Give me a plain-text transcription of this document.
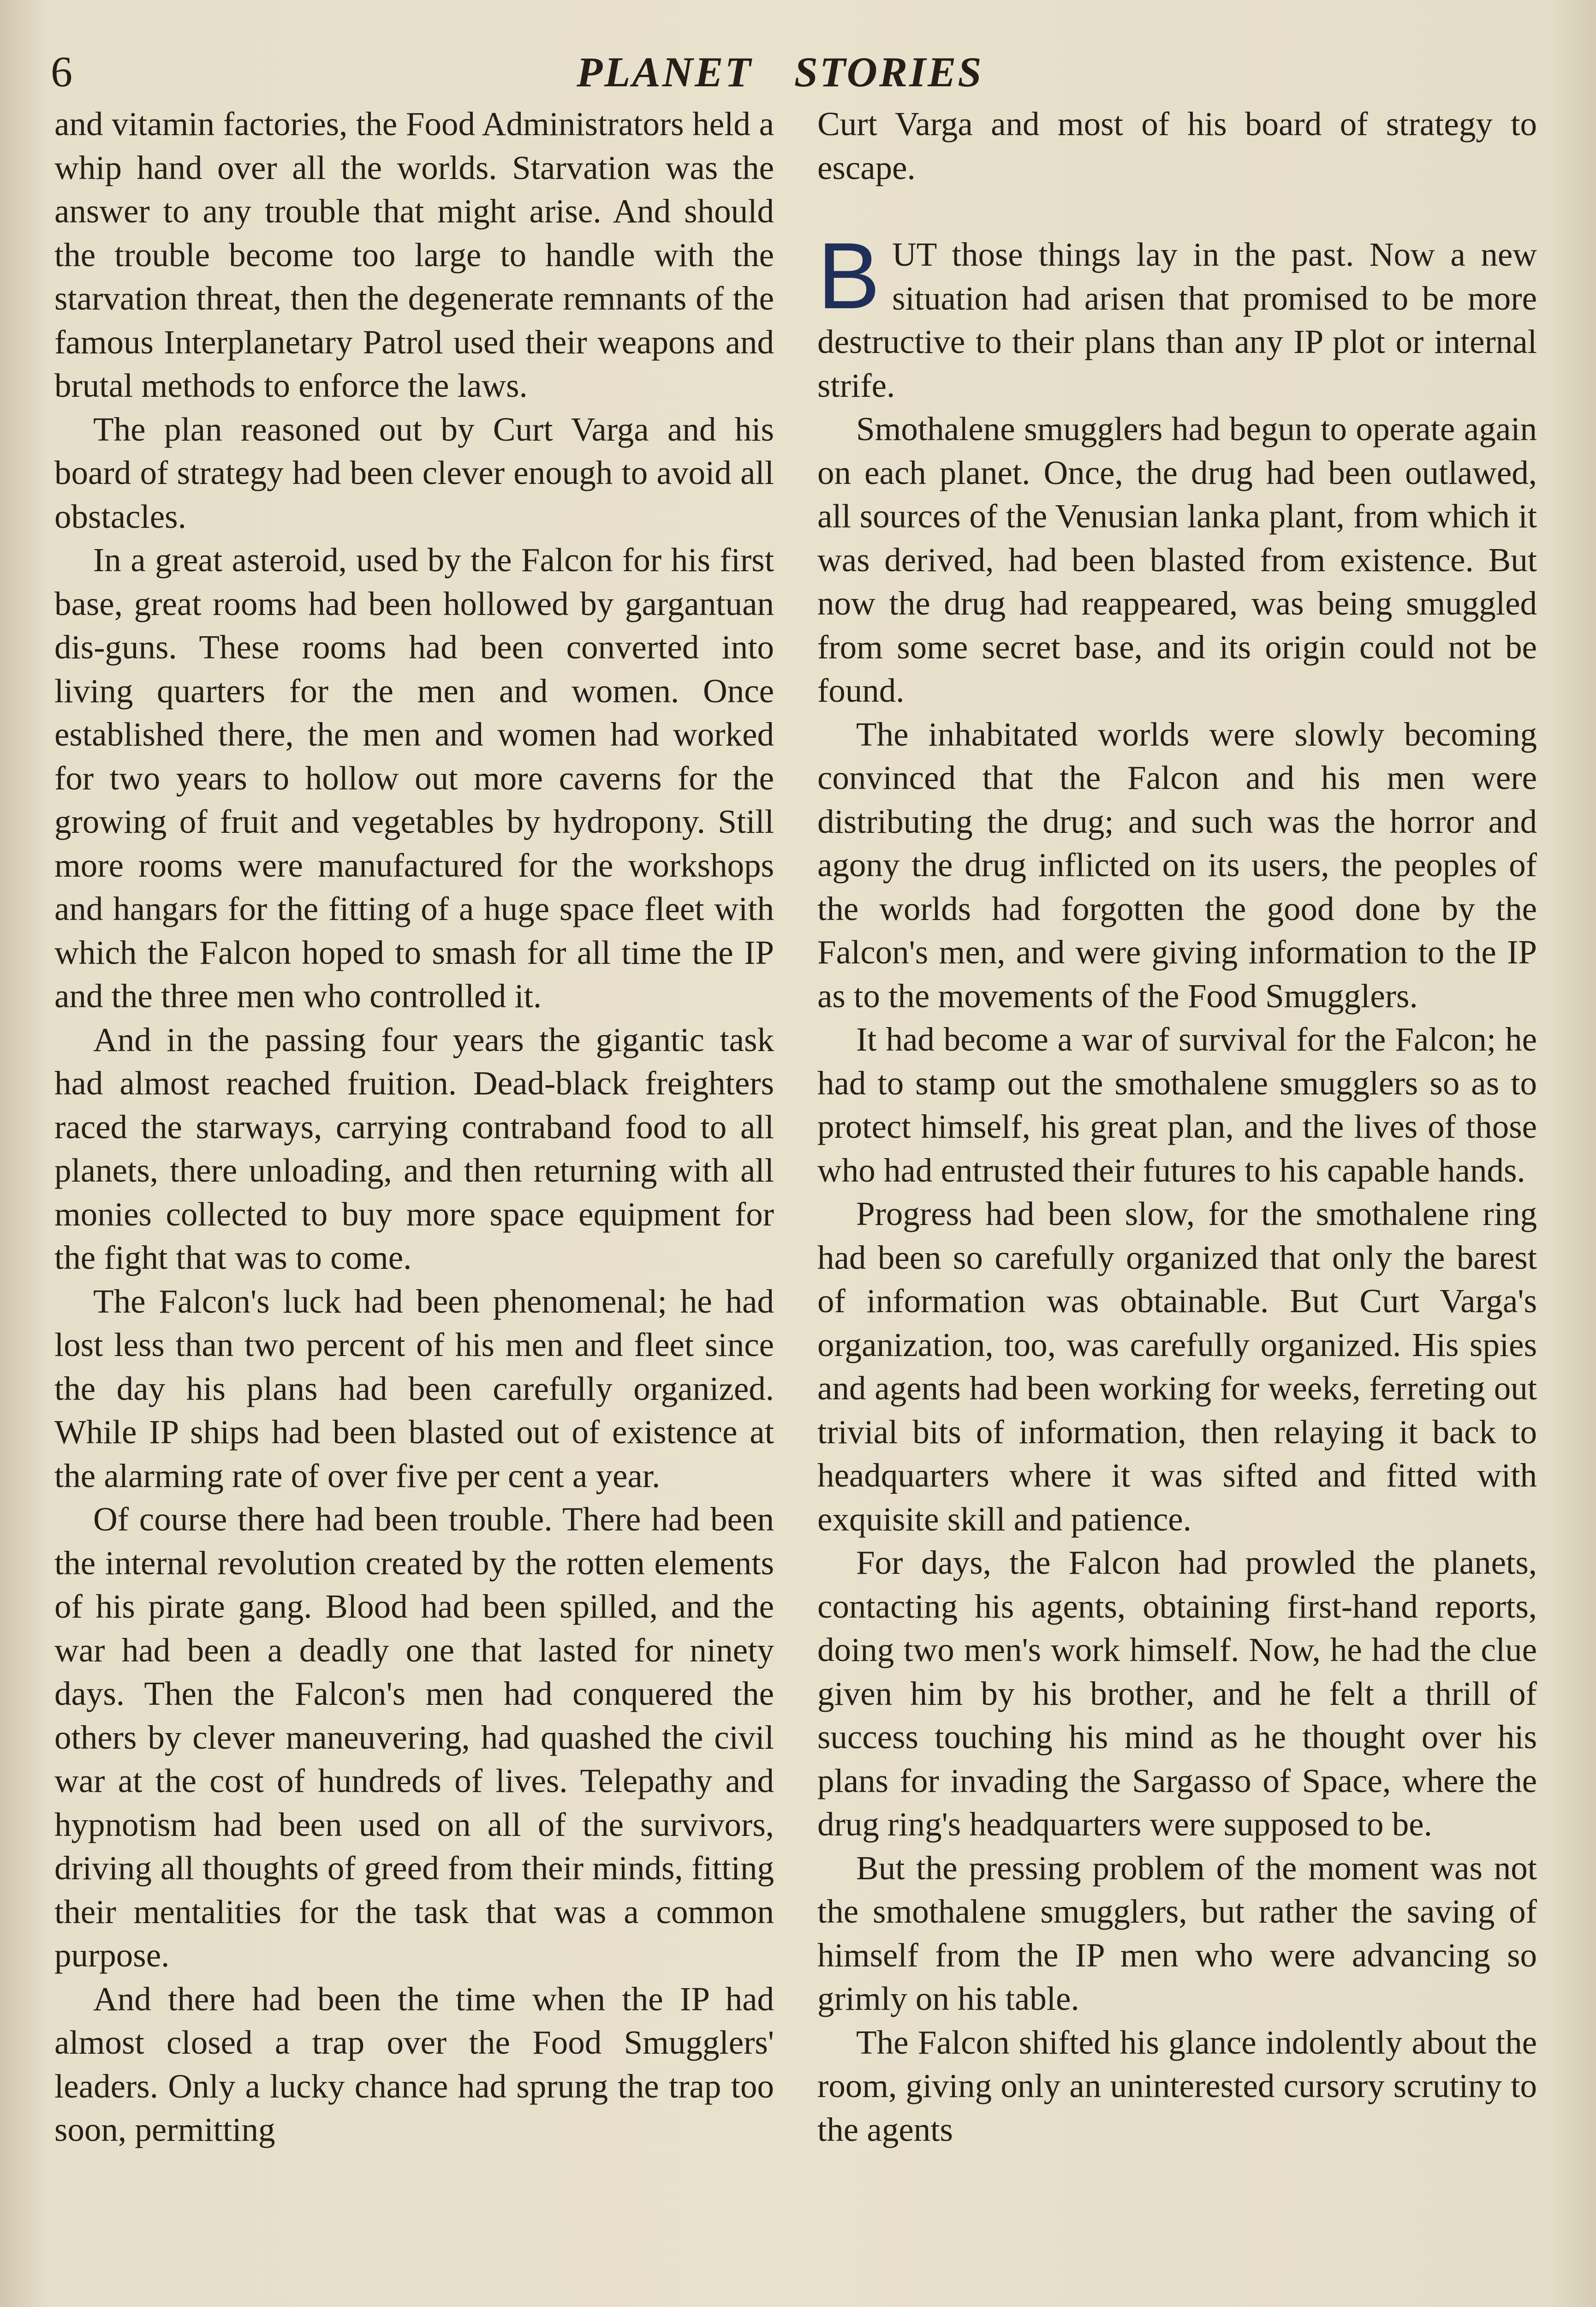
6	PLANET STORIES

and vitamin factories, the Food Administrators held a whip hand over all the worlds. Starvation was the answer to any trouble that might arise. And should the trouble become too large to handle with the starvation threat, then the degenerate remnants of the famous Interplanetary Patrol used their weapons and brutal methods to enforce the laws.

The plan reasoned out by Curt Varga and his board of strategy had been clever enough to avoid all obstacles.

In a great asteroid, used by the Falcon for his first base, great rooms had been hollowed by gargantuan dis-guns. These rooms had been converted into living quarters for the men and women. Once established there, the men and women had worked for two years to hollow out more caverns for the growing of fruit and vegetables by hydropony. Still more rooms were manufactured for the workshops and hangars for the fitting of a huge space fleet with which the Falcon hoped to smash for all time the IP and the three men who controlled it.

And in the passing four years the gigantic task had almost reached fruition. Dead-black freighters raced the starways, carrying contraband food to all planets, there unloading, and then returning with all monies collected to buy more space equipment for the fight that was to come.

The Falcon's luck had been phenomenal; he had lost less than two percent of his men and fleet since the day his plans had been carefully organized. While IP ships had been blasted out of existence at the alarming rate of over five per cent a year.

Of course there had been trouble. There had been the internal revolution created by the rotten elements of his pirate gang. Blood had been spilled, and the war had been a deadly one that lasted for ninety days. Then the Falcon's men had conquered the others by clever maneuvering, had quashed the civil war at the cost of hundreds of lives. Telepathy and hypnotism had been used on all of the survivors, driving all thoughts of greed from their minds, fitting their mentalities for the task that was a common purpose.

And there had been the time when the IP had almost closed a trap over the Food Smugglers' leaders. Only a lucky chance had sprung the trap too soon, permitting

Curt Varga and most of his board of strategy to escape.

BUT those things lay in the past. Now a new situation had arisen that promised to be more destructive to their plans than any IP plot or internal strife.

Smothalene smugglers had begun to operate again on each planet. Once, the drug had been outlawed, all sources of the Venusian lanka plant, from which it was derived, had been blasted from existence. But now the drug had reappeared, was being smuggled from some secret base, and its origin could not be found.

The inhabitated worlds were slowly becoming convinced that the Falcon and his men were distributing the drug; and such was the horror and agony the drug inflicted on its users, the peoples of the worlds had forgotten the good done by the Falcon's men, and were giving information to the IP as to the movements of the Food Smugglers.

It had become a war of survival for the Falcon; he had to stamp out the smothalene smugglers so as to protect himself, his great plan, and the lives of those who had entrusted their futures to his capable hands.

Progress had been slow, for the smothalene ring had been so carefully organized that only the barest of information was obtainable. But Curt Varga's organization, too, was carefully organized. His spies and agents had been working for weeks, ferreting out trivial bits of information, then relaying it back to headquarters where it was sifted and fitted with exquisite skill and patience.

For days, the Falcon had prowled the planets, contacting his agents, obtaining first-hand reports, doing two men's work himself. Now, he had the clue given him by his brother, and he felt a thrill of success touching his mind as he thought over his plans for invading the Sargasso of Space, where the drug ring's headquarters were supposed to be.

But the pressing problem of the moment was not the smothalene smugglers, but rather the saving of himself from the IP men who were advancing so grimly on his table.

The Falcon shifted his glance indolently about the room, giving only an uninterested cursory scrutiny to the agents
